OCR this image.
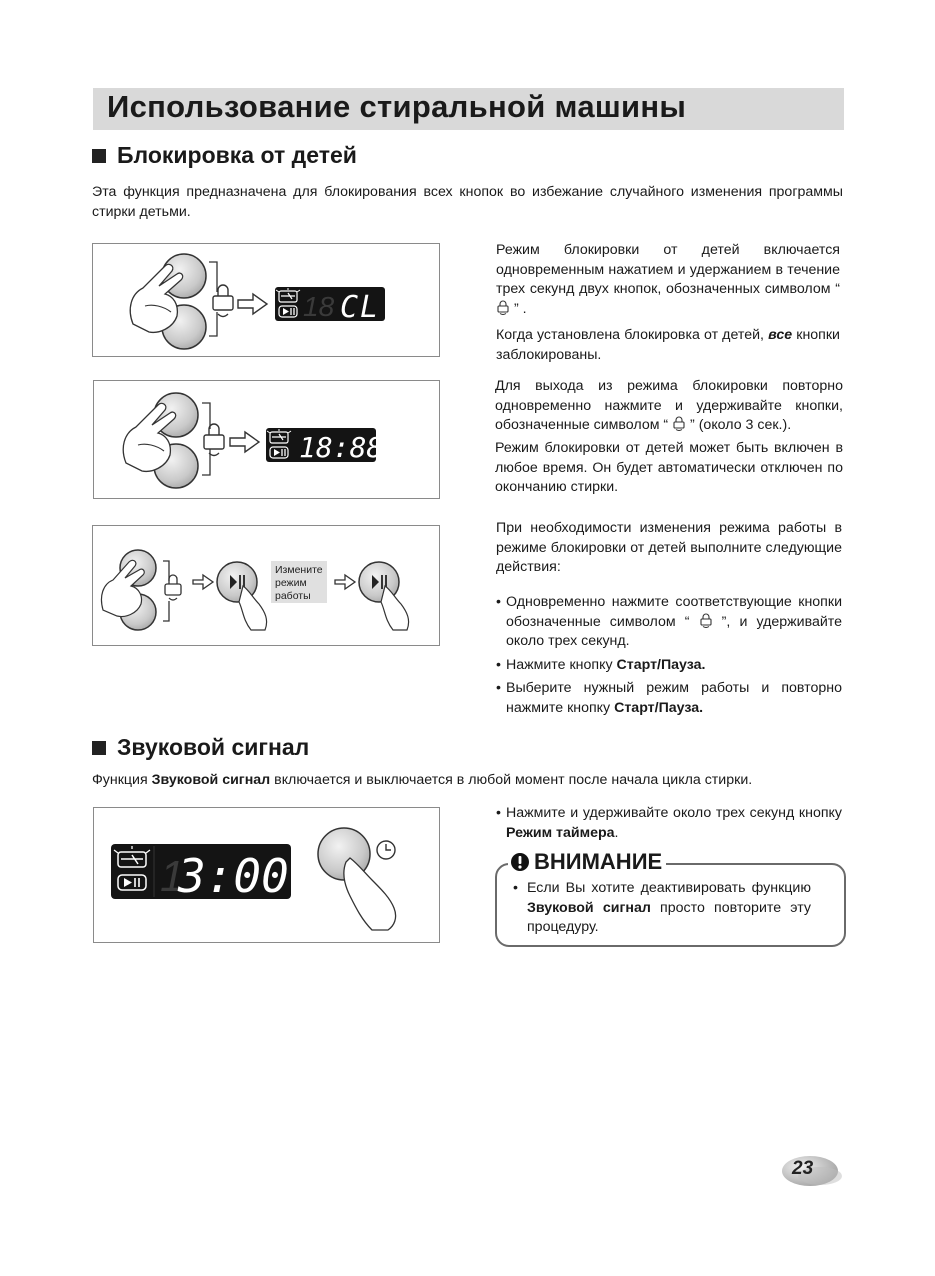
Использование стиральной машины
Блокировка от детей
Эта функция предназначена для блокирования всех кнопок во избежание случайного изменения программы стирки детьми.
18 CL
18:88
Измените режим работы
Режим блокировки от детей включается одновременным нажатием и удержанием в течение трех секунд двух кнопок, обозначенных символом “  ” .
Когда установлена блокировка от детей, все кнопки заблокированы.
Для выхода из режима блокировки повторно одновременно нажмите и удерживайте кнопки, обозначенные символом “ ” (около 3 сек.).
Режим блокировки от детей может быть включен в любое время. Он будет автоматически отключен по окончанию стирки.
При необходимости изменения режима работы в режиме блокировки от детей выполните следующие действия:
• Одновременно нажмите соответствующие кнопки обозначенные символом “ ”, и удерживайте около трех секунд.
• Нажмите кнопку Старт/Пауза.
• Выберите нужный режим работы и повторно нажмите кнопку Старт/Пауза.
Звуковой сигнал
Функция Звуковой сигнал включается и выключается в любой момент после начала цикла стирки.
1
3:00
• Нажмите и удерживайте около трех секунд кнопку Режим таймера.
ВНИМАНИЕ
• Если Вы хотите деактивировать функцию Звуковой сигнал просто повторите эту процедуру.
23
